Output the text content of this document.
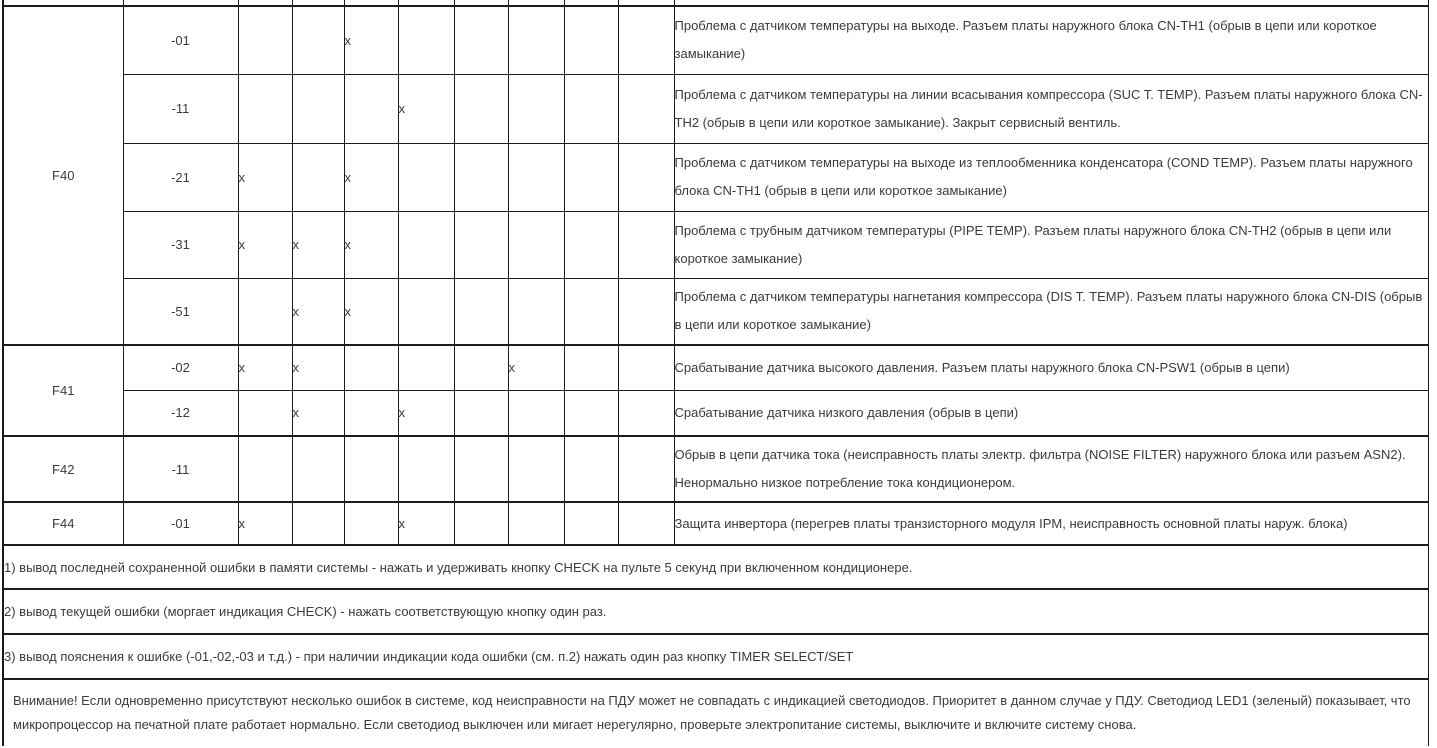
F40	-01			x						Проблема с датчиком температуры на выходе. Разъем платы наружного блока CN-TH1 (обрыв в цепи или короткое замыкание)
	-11				x					Проблема с датчиком температуры на линии всасывания компрессора (SUC T. TEMP). Разъем платы наружного блока CN-TH2 (обрыв в цепи или короткое замыкание). Закрыт сервисный вентиль.
	-21	x		x						Проблема с датчиком температуры на выходе из теплообменника конденсатора (COND TEMP). Разъем платы наружного блока CN-TH1 (обрыв в цепи или короткое замыкание)
	-31	x	x	x						Проблема с трубным датчиком температуры (PIPE TEMP). Разъем платы наружного блока CN-TH2 (обрыв в цепи или короткое замыкание)
	-51		x	x						Проблема с датчиком температуры нагнетания компрессора (DIS T. TEMP). Разъем платы наружного блока CN-DIS (обрыв в цепи или короткое замыкание)
F41	-02	x	x				x			Срабатывание датчика высокого давления. Разъем платы наружного блока CN-PSW1 (обрыв в цепи)
	-12		x		x					Срабатывание датчика низкого давления (обрыв в цепи)
F42	-11									Обрыв в цепи датчика тока (неисправность платы электр. фильтра (NOISE FILTER) наружного блока или разъем ASN2). Ненормально низкое потребление тока кондиционером.
F44	-01	x			x					Защита инвертора (перегрев платы транзисторного модуля IPM, неисправность основной платы наруж. блока)
1) вывод последней сохраненной ошибки в памяти системы - нажать и удерживать кнопку CHECK на пульте 5 секунд при включенном кондиционере.										
2) вывод текущей ошибки (моргает индикация CHECK) - нажать соответствующую кнопку один раз.										
3) вывод пояснения к ошибке (-01,-02,-03 и т.д.) - при наличии индикации кода ошибки (см. п.2) нажать один раз кнопку TIMER SELECT/SET										
Внимание! Если одновременно присутствуют несколько ошибок в системе, код неисправности на ПДУ может не совпадать с индикацией светодиодов. Приоритет в данном случае у ПДУ. Светодиод LED1 (зеленый) показывает, что микропроцессор на печатной плате работает нормально. Если светодиод выключен или мигает нерегулярно, проверьте электропитание системы, выключите и включите систему снова.										
